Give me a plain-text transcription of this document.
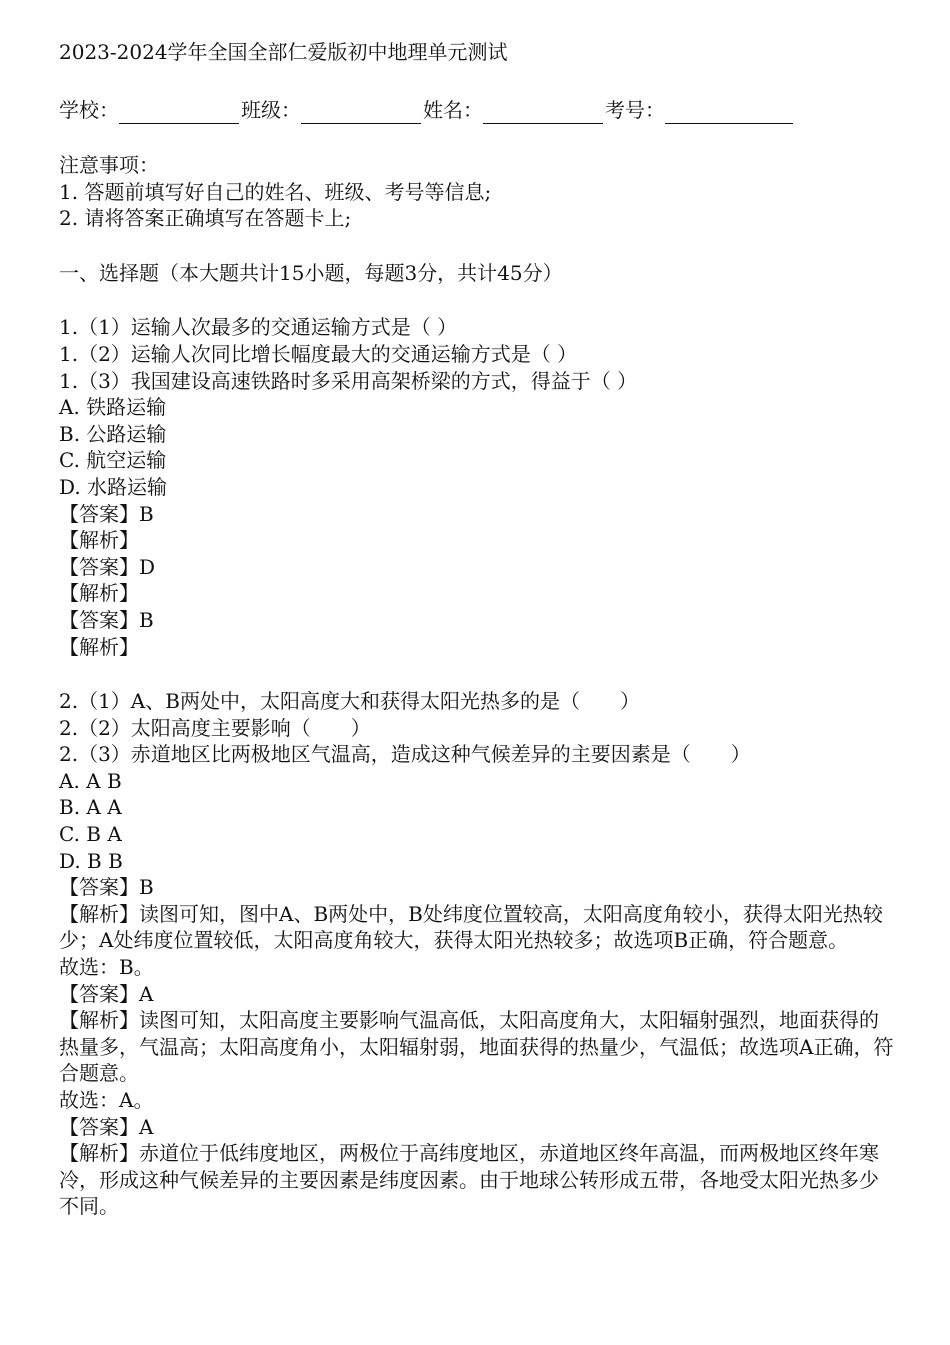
2023-2024学年全国全部仁爱版初中地理单元测试
学校：	班级：	姓名：	考号：
注意事项：
1. 答题前填写好自己的姓名、班级、考号等信息;
2. 请将答案正确填写在答题卡上;
一、选择题（本大题共计15小题，每题3分，共计45分）
1.（1）运输人次最多的交通运输方式是（ ）
1.（2）运输人次同比增长幅度最大的交通运输方式是（ ）
1.（3）我国建设高速铁路时多采用高架桥梁的方式，得益于（ ）
A. 铁路运输
B. 公路运输
C. 航空运输
D. 水路运输
【答案】B
【解析】
【答案】D
【解析】
【答案】B
【解析】
2.（1）A、B两处中，太阳高度大和获得太阳光热多的是（　　）
2.（2）太阳高度主要影响（　　）
2.（3）赤道地区比两极地区气温高，造成这种气候差异的主要因素是（　　）
A. A B
B. A A
C. B A
D. B B
【答案】B
【解析】读图可知，图中A、B两处中，B处纬度位置较高，太阳高度角较小，获得太阳光热较少；A处纬度位置较低，太阳高度角较大，获得太阳光热较多；故选项B正确，符合题意。
故选：B。
【答案】A
【解析】读图可知，太阳高度主要影响气温高低，太阳高度角大，太阳辐射强烈，地面获得的热量多，气温高；太阳高度角小，太阳辐射弱，地面获得的热量少，气温低；故选项A正确，符合题意。
故选：A。
【答案】A
【解析】赤道位于低纬度地区，两极位于高纬度地区，赤道地区终年高温，而两极地区终年寒冷，形成这种气候差异的主要因素是纬度因素。由于地球公转形成五带，各地受太阳光热多少不同。
